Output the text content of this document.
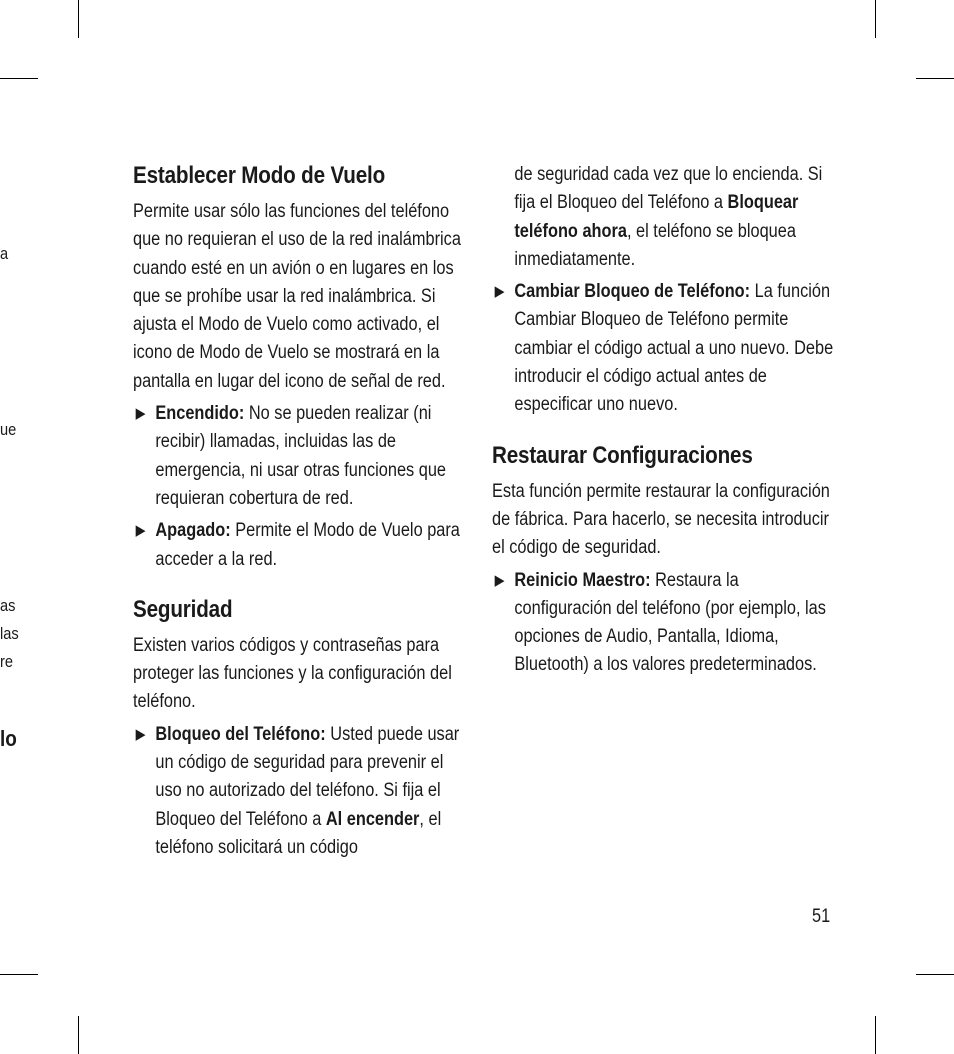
a
ue
as
las
re
lo
Establecer Modo de Vuelo

Permite usar sólo las funciones del teléfono que no requieran el uso de la red inalámbrica cuando esté en un avión o en lugares en los que se prohíbe usar la red inalámbrica. Si ajusta el Modo de Vuelo como activado, el icono de Modo de Vuelo se mostrará en la pantalla en lugar del icono de señal de red.

▶ Encendido: No se pueden realizar (ni recibir) llamadas, incluidas las de emergencia, ni usar otras funciones que requieran cobertura de red.
▶ Apagado: Permite el Modo de Vuelo para acceder a la red.
Seguridad

Existen varios códigos y contraseñas para proteger las funciones y la configuración del teléfono.

▶ Bloqueo del Teléfono: Usted puede usar un código de seguridad para prevenir el uso no autorizado del teléfono. Si fija el Bloqueo del Teléfono a Al encender, el teléfono solicitará un código
de seguridad cada vez que lo encienda. Si fija el Bloqueo del Teléfono a Bloquear teléfono ahora, el teléfono se bloquea inmediatamente.
▶ Cambiar Bloqueo de Teléfono: La función Cambiar Bloqueo de Teléfono permite cambiar el código actual a uno nuevo. Debe introducir el código actual antes de especificar uno nuevo.
Restaurar Configuraciones

Esta función permite restaurar la configuración de fábrica. Para hacerlo, se necesita introducir el código de seguridad.

▶ Reinicio Maestro: Restaura la configuración del teléfono (por ejemplo, las opciones de Audio, Pantalla, Idioma, Bluetooth) a los valores predeterminados.
51
